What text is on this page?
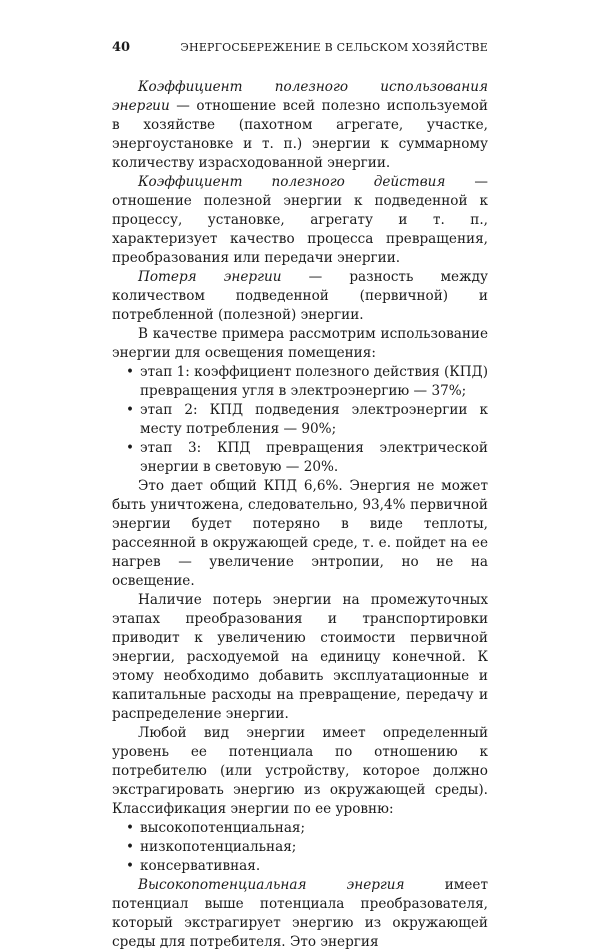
40	ЭНЕРГОСБЕРЕЖЕНИЕ В СЕЛЬСКОМ ХОЗЯЙСТВЕ

Коэффициент полезного использования энергии — отношение всей полезно используемой в хозяйстве (пахотном агрегате, участке, энергоустановке и т. п.) энергии к суммарному количеству израсходованной энергии.

Коэффициент полезного действия — отношение полезной энергии к подведенной к процессу, установке, агрегату и т. п., характеризует качество процесса превращения, преобразования или передачи энергии.

Потеря энергии — разность между количеством подведенной (первичной) и потребленной (полезной) энергии.

В качестве примера рассмотрим использование энергии для освещения помещения:

• этап 1: коэффициент полезного действия (КПД) превращения угля в электроэнергию — 37%;
• этап 2: КПД подведения электроэнергии к месту потребления — 90%;
• этап 3: КПД превращения электрической энергии в световую — 20%.

Это дает общий КПД 6,6%. Энергия не может быть уничтожена, следовательно, 93,4% первичной энергии будет потеряно в виде теплоты, рассеянной в окружающей среде, т. е. пойдет на ее нагрев — увеличение энтропии, но не на освещение.

Наличие потерь энергии на промежуточных этапах преобразования и транспортировки приводит к увеличению стоимости первичной энергии, расходуемой на единицу конечной. К этому необходимо добавить эксплуатационные и капитальные расходы на превращение, передачу и распределение энергии.

Любой вид энергии имеет определенный уровень ее потенциала по отношению к потребителю (или устройству, которое должно экстрагировать энергию из окружающей среды). Классификация энергии по ее уровню:

• высокопотенциальная;
• низкопотенциальная;
• консервативная.

Высокопотенциальная энергия имеет потенциал выше потенциала преобразователя, который экстрагирует энергию из окружающей среды для потребителя. Это энергия
